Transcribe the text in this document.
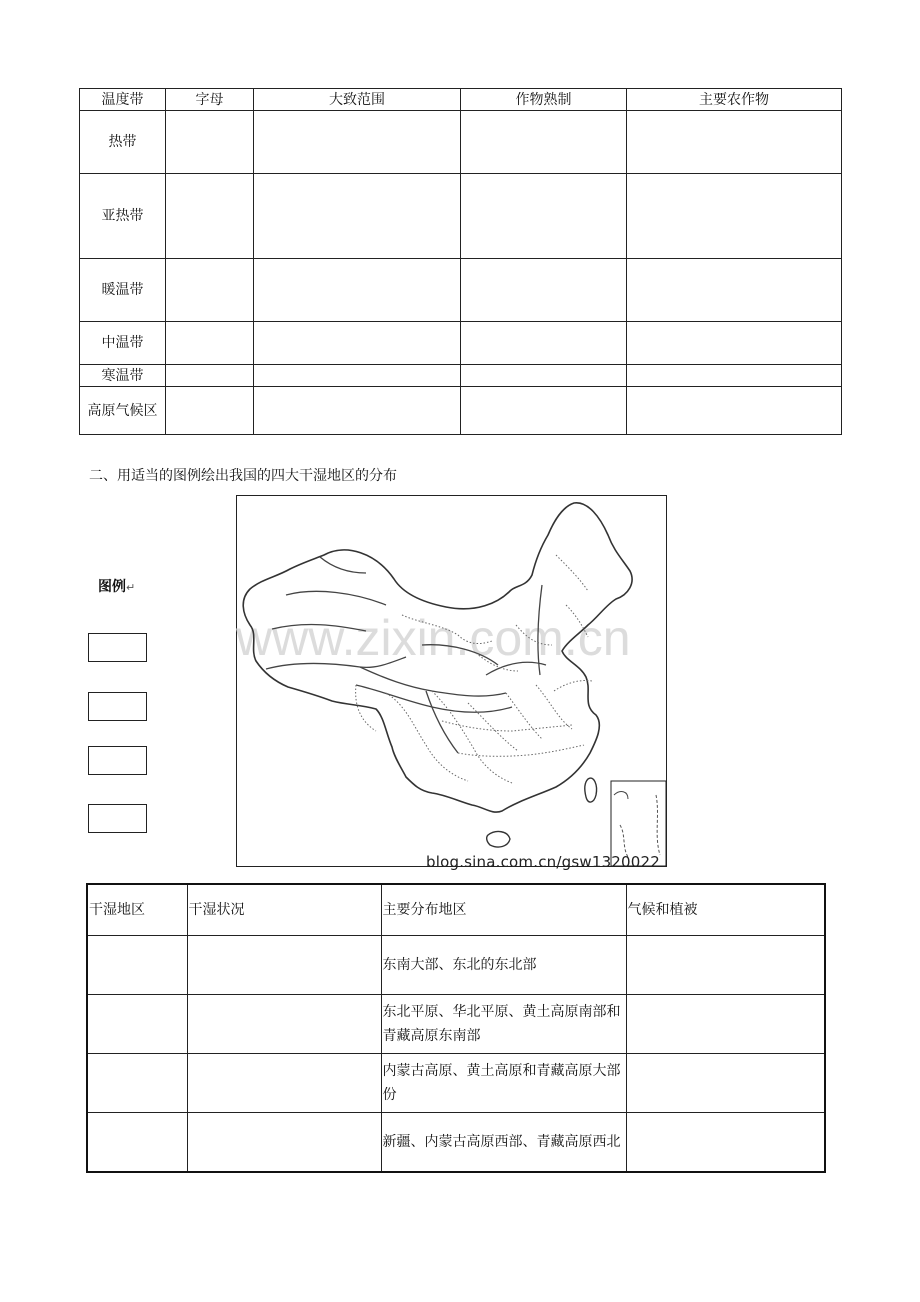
温度带	字母	大致范围	作物熟制	主要农作物
热带				
亚热带				
暖温带				
中温带				
寒温带				
高原气候区				
二、用适当的图例绘出我国的四大干湿地区的分布
图例↵
www.zixin.com.cn
blog.sina.com.cn/gsw1320022
干湿地区	干湿状况	主要分布地区	气候和植被
		东南大部、东北的东北部	
		东北平原、华北平原、黄土高原南部和青藏高原东南部	
		内蒙古高原、黄土高原和青藏高原大部份	
		新疆、内蒙古高原西部、青藏高原西北	
